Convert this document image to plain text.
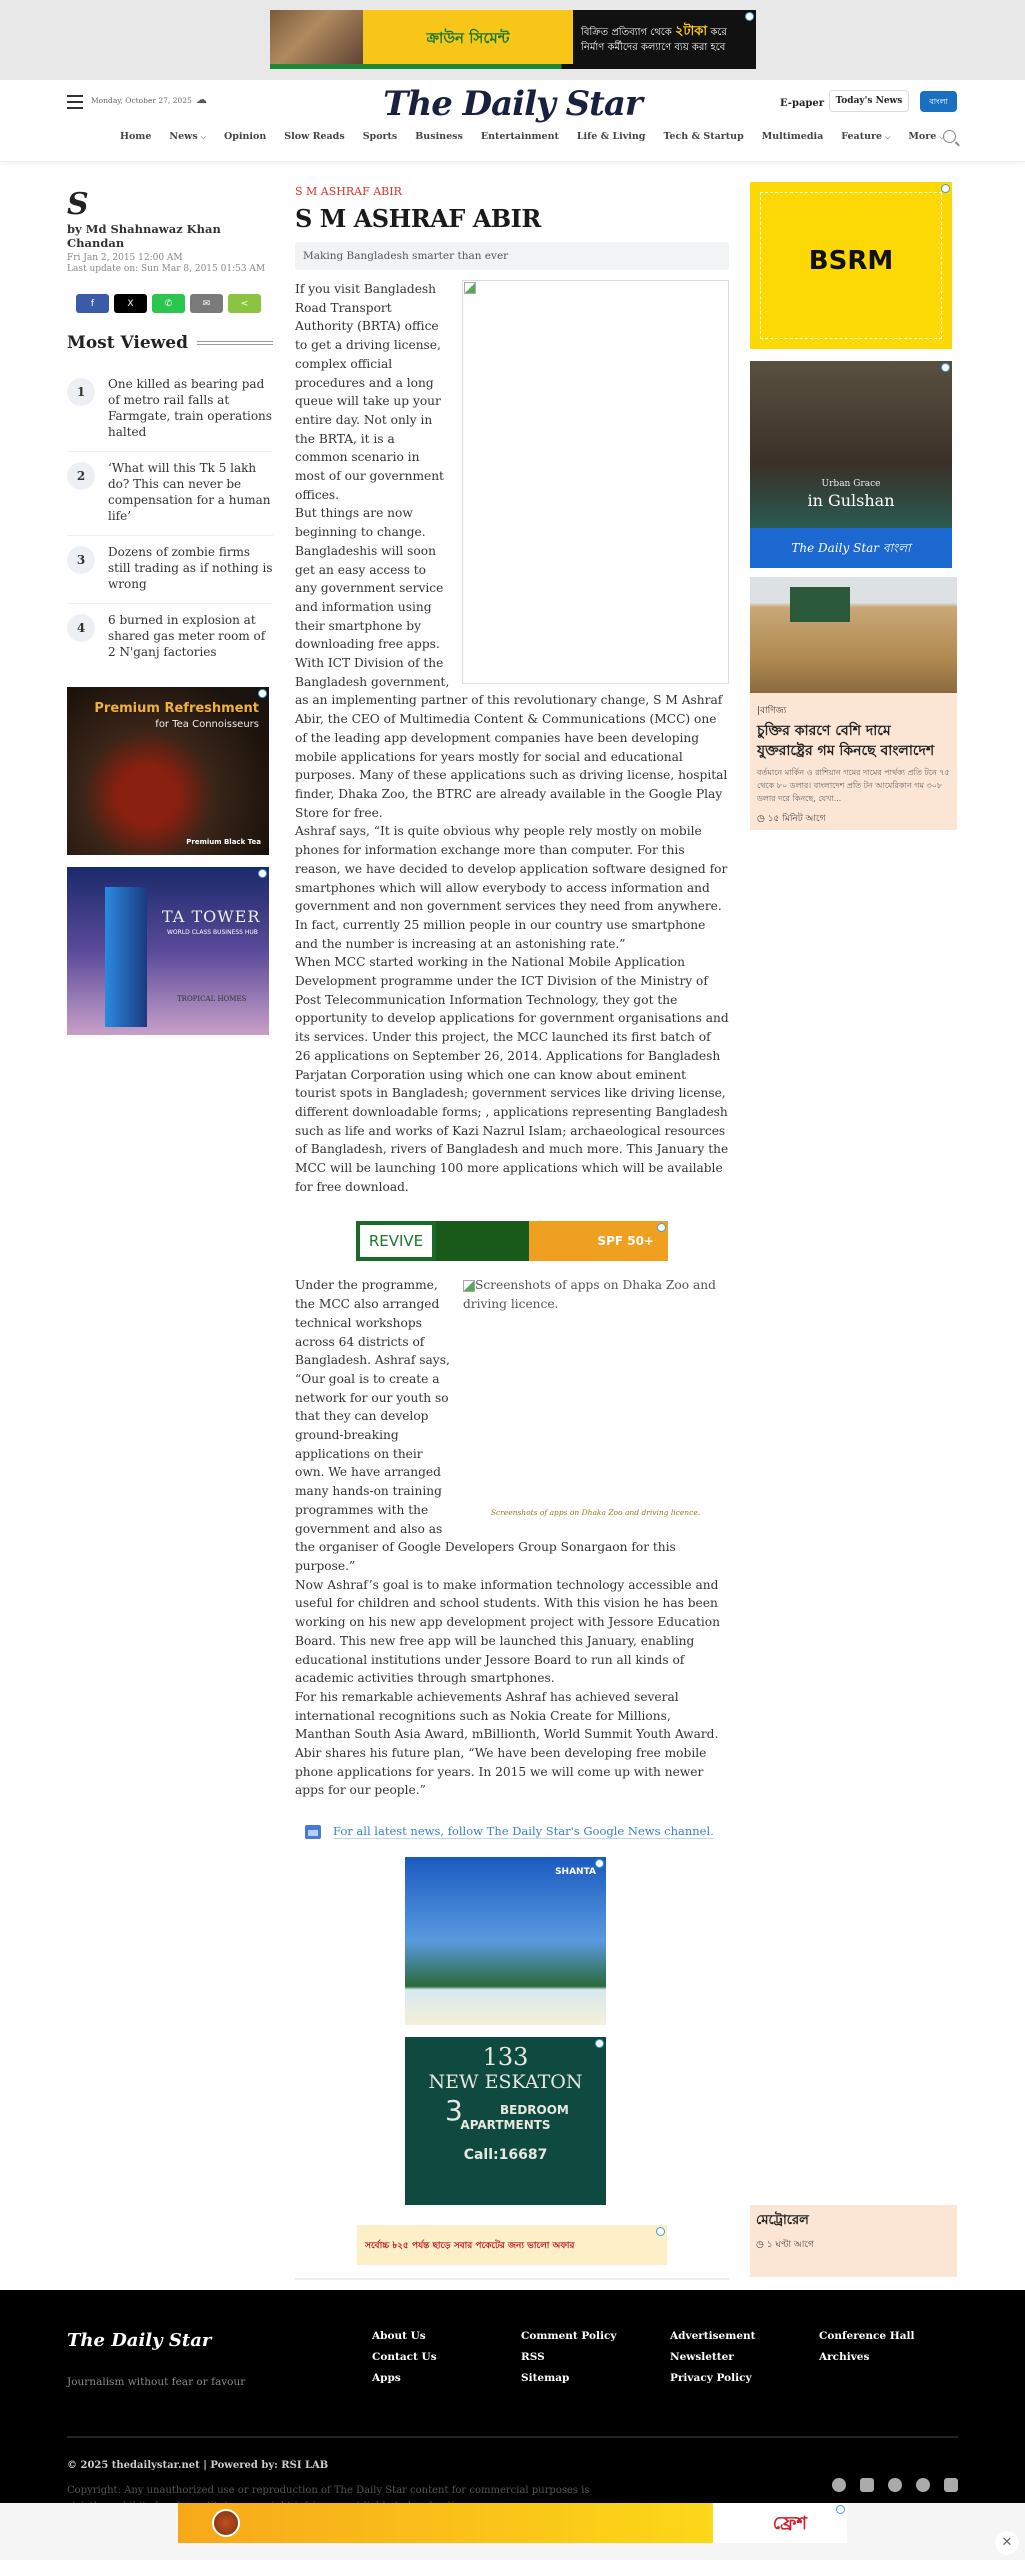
ক্রাউন সিমেন্ট	বিক্রিত প্রতিব্যাগ থেকে ২টাকা করে
নির্মাণ কর্মীদের কল্যাণে ব্যয় করা হবে
Monday, October 27, 2025 ☁	The Daily Star	E-paper	Today's News	বাংলা
Home News ⌵ Opinion Slow Reads Sports Business Entertainment Life & Living Tech & Startup Multimedia Feature ⌵ More ⌵
S
by Md Shahnawaz Khan Chandan
Fri Jan 2, 2015 12:00 AM
Last update on: Sun Mar 8, 2015 01:53 AM
f	X	✆	✉	<
Most Viewed
1
One killed as bearing pad of metro rail falls at Farmgate, train operations halted
2
‘What will this Tk 5 lakh do? This can never be compensation for a human life’
3
Dozens of zombie firms still trading as if nothing is wrong
4
6 burned in explosion at shared gas meter room of 2 N'ganj factories
Premium Refreshment
for Tea Connoisseurs
Premium Black Tea
TA TOWER
WORLD CLASS BUSINESS HUB
TROPICAL HOMES
S M ASHRAF ABIR
S M ASHRAF ABIR
Making Bangladesh smarter than ever

If you visit Bangladesh Road Transport Authority (BRTA) office to get a driving license, complex official procedures and a long queue will take up your entire day. Not only in the BRTA, it is a common scenario in most of our government offices.

But things are now beginning to change. Bangladeshis will soon get an easy access to any government service and information using their smartphone by downloading free apps. With ICT Division of the Bangladesh government, as an implementing partner of this revolutionary change, S M Ashraf Abir, the CEO of Multimedia Content & Communications (MCC) one of the leading app development companies have been developing mobile applications for years mostly for social and educational purposes. Many of these applications such as driving license, hospital finder, Dhaka Zoo, the BTRC are already available in the Google Play Store for free.

Ashraf says, “It is quite obvious why people rely mostly on mobile phones for information exchange more than computer. For this reason, we have decided to develop application software designed for smartphones which will allow everybody to access information and government and non government services they need from anywhere. In fact, currently 25 million people in our country use smartphone and the number is increasing at an astonishing rate.”

When MCC started working in the National Mobile Application Development programme under the ICT Division of the Ministry of Post Telecommunication Information Technology, they got the opportunity to develop applications for government organisations and its services. Under this project, the MCC launched its first batch of 26 applications on September 26, 2014. Applications for Bangladesh Parjatan Corporation using which one can know about eminent tourist spots in Bangladesh; government services like driving license, different downloadable forms; , applications representing Bangladesh such as life and works of Kazi Nazrul Islam; archaeological resources of Bangladesh, rivers of Bangladesh and much more. This January the MCC will be launching 100 more applications which will be available for free download.

REVIVE	SPF 50+
Screenshots of apps on Dhaka Zoo and driving licence.
Screenshots of apps on Dhaka Zoo and driving licence.

Under the programme, the MCC also arranged technical workshops across 64 districts of Bangladesh. Ashraf says, “Our goal is to create a network for our youth so that they can develop ground-breaking applications on their own. We have arranged many hands-on training programmes with the government and also as the organiser of Google Developers Group Sonargaon for this purpose.”

Now Ashraf’s goal is to make information technology accessible and useful for children and school students. With this vision he has been working on his new app development project with Jessore Education Board. This new free app will be launched this January, enabling educational institutions under Jessore Board to run all kinds of academic activities through smartphones.

For his remarkable achievements Ashraf has achieved several international recognitions such as Nokia Create for Millions, Manthan South Asia Award, mBillionth, World Summit Youth Award.

Abir shares his future plan, “We have been developing free mobile phone applications for years. In 2015 we will come up with newer apps for our people.”

For all latest news, follow The Daily Star's Google News channel.
SHANTA
133
NEW ESKATON
3	BEDROOM
APARTMENTS
Call:16687
সর্বোচ্চ ৳২৫ পর্যন্ত ছাড়ে সবার পকেটের জন্য ভালো অফার
BSRM
Urban Grace
in Gulshan
The Daily Star বাংলা
|বাণিজ্য
চুক্তির কারণে বেশি দামে যুক্তরাষ্ট্রের গম কিনছে বাংলাদেশ
বর্তমানে মার্কিন ও রাশিয়ান গমের দামের পার্থক্য প্রতি টনে ৭৫ থেকে ৮০ ডলার। বাংলাদেশ প্রতি টন আমেরিকান গম ৩০৮ ডলার দরে কিনছে, যেখা...
◷ ১৫ মিনিট আগে
মেট্রোরেল
◷ ১ ঘণ্টা আগে
The Daily Star
Journalism without fear or favour
About Us	Comment Policy	Advertisement	Conference Hall
Contact Us	RSS	Newsletter	Archives
Apps	Sitemap	Privacy Policy
© 2025 thedailystar.net | Powered by: RSI LAB
Copyright: Any unauthorized use or reproduction of The Daily Star content for commercial purposes is
ফ্রেশ
✕
